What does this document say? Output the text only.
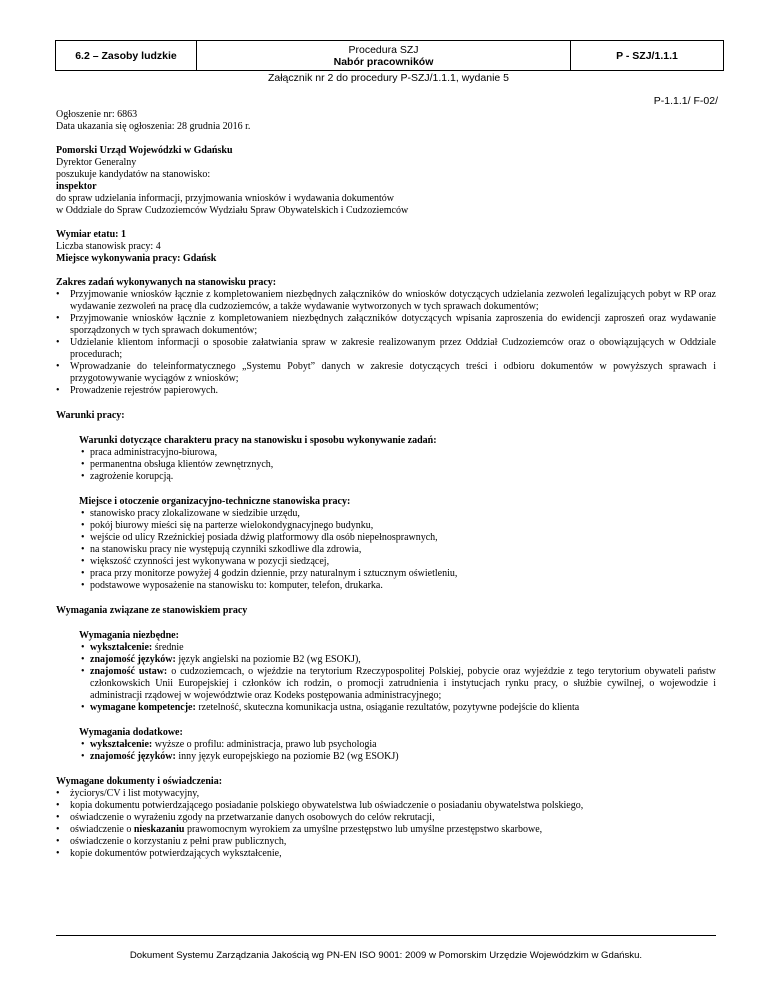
6.2 – Zasoby ludzkie	Procedura SZJ
Nabór pracowników	P - SZJ/1.1.1
Załącznik nr 2 do procedury P-SZJ/1.1.1, wydanie 5
P-1.1.1/ F-02/

Ogłoszenie nr: 6863

Data ukazania się ogłoszenia: 28 grudnia 2016 r.

Pomorski Urząd Wojewódzki w Gdańsku

Dyrektor Generalny

poszukuje kandydatów na stanowisko:

inspektor

do spraw udzielania informacji, przyjmowania wniosków i wydawania dokumentów

w Oddziale do Spraw Cudzoziemców Wydziału Spraw Obywatelskich i Cudzoziemców

Wymiar etatu: 1

Liczba stanowisk pracy: 4

Miejsce wykonywania pracy: Gdańsk

Zakres zadań wykonywanych na stanowisku pracy:

• Przyjmowanie wniosków łącznie z kompletowaniem niezbędnych załączników do wniosków dotyczących udzielania zezwoleń legalizujących pobyt w RP oraz wydawanie zezwoleń na pracę dla cudzoziemców, a także wydawanie wytworzonych w tych sprawach dokumentów;
• Przyjmowanie wniosków łącznie z kompletowaniem niezbędnych załączników dotyczących wpisania zaproszenia do ewidencji zaproszeń oraz wydawanie sporządzonych w tych sprawach dokumentów;
• Udzielanie klientom informacji o sposobie załatwiania spraw w zakresie realizowanym przez Oddział Cudzoziemców oraz o obowiązujących w Oddziale procedurach;
• Wprowadzanie do teleinformatycznego „Systemu Pobyt” danych w zakresie dotyczących treści i odbioru dokumentów w powyższych sprawach i przygotowywanie wyciągów z wniosków;
• Prowadzenie rejestrów papierowych.

Warunki pracy:

Warunki dotyczące charakteru pracy na stanowisku i sposobu wykonywanie zadań:

• praca administracyjno-biurowa,
• permanentna obsługa klientów zewnętrznych,
• zagrożenie korupcją.

Miejsce i otoczenie organizacyjno-techniczne stanowiska pracy:

• stanowisko pracy zlokalizowane w siedzibie urzędu,
• pokój biurowy mieści się na parterze wielokondygnacyjnego budynku,
• wejście od ulicy Rzeźnickiej posiada dźwig platformowy dla osób niepełnosprawnych,
• na stanowisku pracy nie występują czynniki szkodliwe dla zdrowia,
• większość czynności jest wykonywana w pozycji siedzącej,
• praca przy monitorze powyżej 4 godzin dziennie, przy naturalnym i sztucznym oświetleniu,
• podstawowe wyposażenie na stanowisku to: komputer, telefon, drukarka.

Wymagania związane ze stanowiskiem pracy

Wymagania niezbędne:

• wykształcenie: średnie
• znajomość języków: język angielski na poziomie B2 (wg ESOKJ),
• znajomość ustaw: o cudzoziemcach, o wjeździe na terytorium Rzeczypospolitej Polskiej, pobycie oraz wyjeździe z tego terytorium obywateli państw członkowskich Unii Europejskiej i członków ich rodzin, o promocji zatrudnienia i instytucjach rynku pracy, o służbie cywilnej, o wojewodzie i administracji rządowej w województwie oraz Kodeks postępowania administracyjnego;
• wymagane kompetencje: rzetelność, skuteczna komunikacja ustna, osiąganie rezultatów, pozytywne podejście do klienta

Wymagania dodatkowe:

• wykształcenie: wyższe o profilu: administracja, prawo lub psychologia
• znajomość języków: inny język europejskiego na poziomie B2 (wg ESOKJ)

Wymagane dokumenty i oświadczenia:

• życiorys/CV i list motywacyjny,
• kopia dokumentu potwierdzającego posiadanie polskiego obywatelstwa lub oświadczenie o posiadaniu obywatelstwa polskiego,
• oświadczenie o wyrażeniu zgody na przetwarzanie danych osobowych do celów rekrutacji,
• oświadczenie o nieskazaniu prawomocnym wyrokiem za umyślne przestępstwo lub umyślne przestępstwo skarbowe,
• oświadczenie o korzystaniu z pełni praw publicznych,
• kopie dokumentów potwierdzających wykształcenie,
Dokument Systemu Zarządzania Jakością wg PN-EN ISO 9001: 2009 w Pomorskim Urzędzie Wojewódzkim w Gdańsku.
